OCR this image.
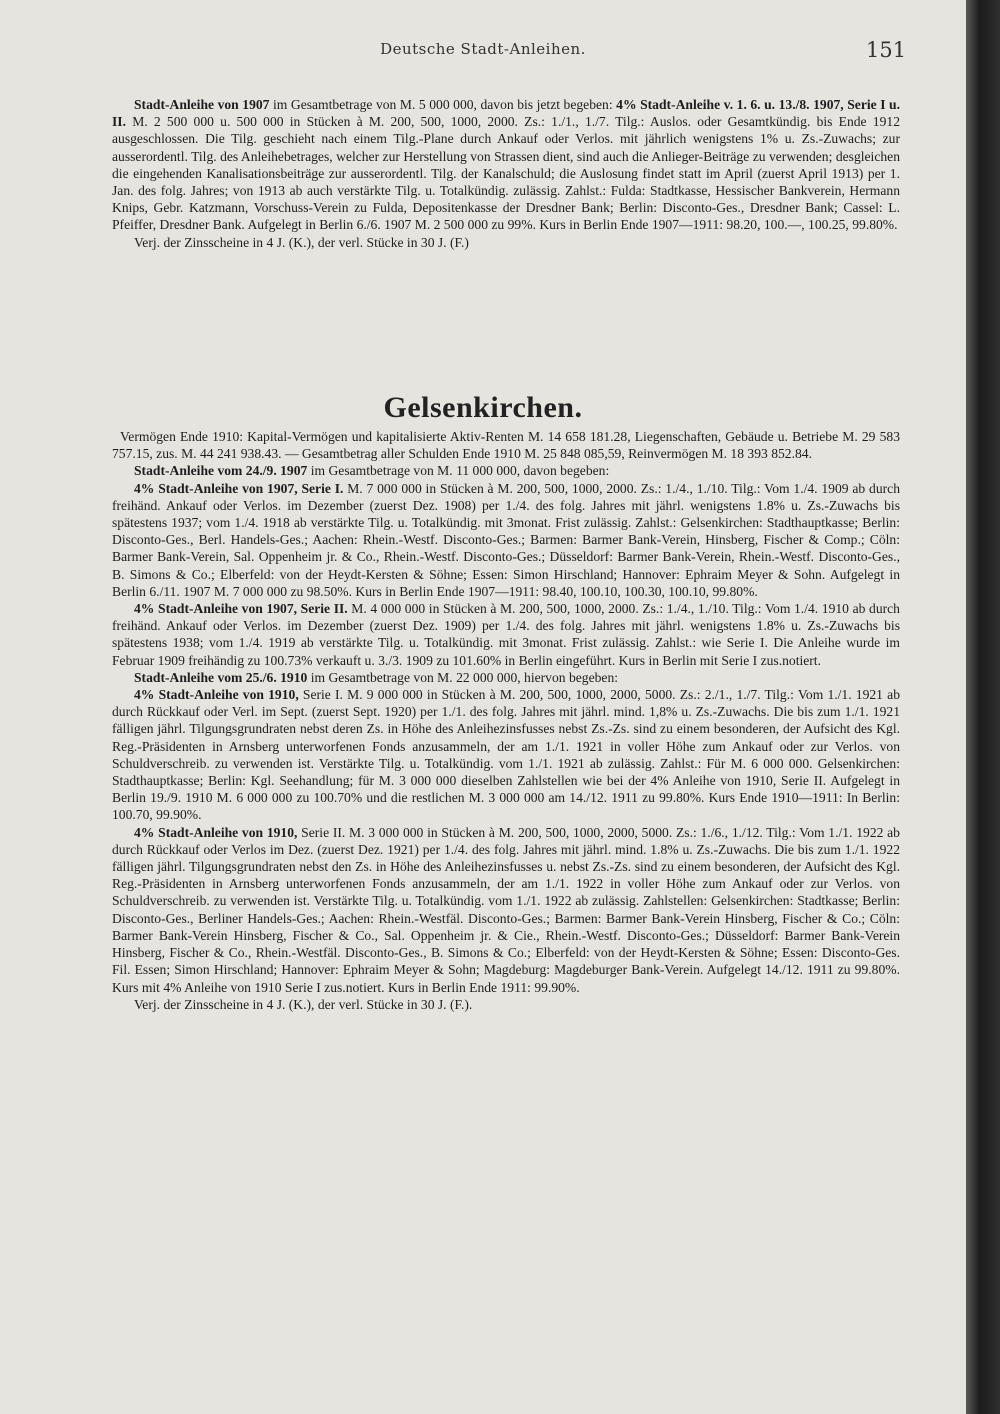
Deutsche Stadt-Anleihen.	151

Stadt-Anleihe von 1907 im Gesamtbetrage von M. 5 000 000, davon bis jetzt begeben: 4% Stadt-Anleihe v. 1. 6. u. 13./8. 1907, Serie I u. II. M. 2 500 000 u. 500 000 in Stücken à M. 200, 500, 1000, 2000. Zs.: 1./1., 1./7. Tilg.: Auslos. oder Gesamtkündig. bis Ende 1912 ausgeschlossen. Die Tilg. geschieht nach einem Tilg.-Plane durch Ankauf oder Verlos. mit jährlich wenigstens 1% u. Zs.-Zuwachs; zur ausserordentl. Tilg. des Anleihebetrages, welcher zur Herstellung von Strassen dient, sind auch die Anlieger-Beiträge zu verwenden; desgleichen die eingehenden Kanalisationsbeiträge zur ausserordentl. Tilg. der Kanalschuld; die Auslosung findet statt im April (zuerst April 1913) per 1. Jan. des folg. Jahres; von 1913 ab auch verstärkte Tilg. u. Totalkündig. zulässig. Zahlst.: Fulda: Stadtkasse, Hessischer Bankverein, Hermann Knips, Gebr. Katzmann, Vorschuss-Verein zu Fulda, Depositenkasse der Dresdner Bank; Berlin: Disconto-Ges., Dresdner Bank; Cassel: L. Pfeiffer, Dresdner Bank. Aufgelegt in Berlin 6./6. 1907 M. 2 500 000 zu 99%. Kurs in Berlin Ende 1907—1911: 98.20, 100.—, 100.25, 99.80%.

Verj. der Zinsscheine in 4 J. (K.), der verl. Stücke in 30 J. (F.)

Gelsenkirchen.

Vermögen Ende 1910: Kapital-Vermögen und kapitalisierte Aktiv-Renten M. 14 658 181.28, Liegenschaften, Gebäude u. Betriebe M. 29 583 757.15, zus. M. 44 241 938.43. — Gesamtbetrag aller Schulden Ende 1910 M. 25 848 085,59, Reinvermögen M. 18 393 852.84.

Stadt-Anleihe vom 24./9. 1907 im Gesamtbetrage von M. 11 000 000, davon begeben:

4% Stadt-Anleihe von 1907, Serie I. M. 7 000 000 in Stücken à M. 200, 500, 1000, 2000. Zs.: 1./4., 1./10. Tilg.: Vom 1./4. 1909 ab durch freihänd. Ankauf oder Verlos. im Dezember (zuerst Dez. 1908) per 1./4. des folg. Jahres mit jährl. wenigstens 1.8% u. Zs.-Zuwachs bis spätestens 1937; vom 1./4. 1918 ab verstärkte Tilg. u. Totalkündig. mit 3monat. Frist zulässig. Zahlst.: Gelsenkirchen: Stadthauptkasse; Berlin: Disconto-Ges., Berl. Handels-Ges.; Aachen: Rhein.-Westf. Disconto-Ges.; Barmen: Barmer Bank-Verein, Hinsberg, Fischer & Comp.; Cöln: Barmer Bank-Verein, Sal. Oppenheim jr. & Co., Rhein.-Westf. Disconto-Ges.; Düsseldorf: Barmer Bank-Verein, Rhein.-Westf. Disconto-Ges., B. Simons & Co.; Elberfeld: von der Heydt-Kersten & Söhne; Essen: Simon Hirschland; Hannover: Ephraim Meyer & Sohn. Aufgelegt in Berlin 6./11. 1907 M. 7 000 000 zu 98.50%. Kurs in Berlin Ende 1907—1911: 98.40, 100.10, 100.30, 100.10, 99.80%.

4% Stadt-Anleihe von 1907, Serie II. M. 4 000 000 in Stücken à M. 200, 500, 1000, 2000. Zs.: 1./4., 1./10. Tilg.: Vom 1./4. 1910 ab durch freihänd. Ankauf oder Verlos. im Dezember (zuerst Dez. 1909) per 1./4. des folg. Jahres mit jährl. wenigstens 1.8% u. Zs.-Zuwachs bis spätestens 1938; vom 1./4. 1919 ab verstärkte Tilg. u. Totalkündig. mit 3monat. Frist zulässig. Zahlst.: wie Serie I. Die Anleihe wurde im Februar 1909 freihändig zu 100.73% verkauft u. 3./3. 1909 zu 101.60% in Berlin eingeführt. Kurs in Berlin mit Serie I zus.notiert.

Stadt-Anleihe vom 25./6. 1910 im Gesamtbetrage von M. 22 000 000, hiervon begeben:

4% Stadt-Anleihe von 1910, Serie I. M. 9 000 000 in Stücken à M. 200, 500, 1000, 2000, 5000. Zs.: 2./1., 1./7. Tilg.: Vom 1./1. 1921 ab durch Rückkauf oder Verl. im Sept. (zuerst Sept. 1920) per 1./1. des folg. Jahres mit jährl. mind. 1,8% u. Zs.-Zuwachs. Die bis zum 1./1. 1921 fälligen jährl. Tilgungsgrundraten nebst deren Zs. in Höhe des Anleihezinsfusses nebst Zs.-Zs. sind zu einem besonderen, der Aufsicht des Kgl. Reg.-Präsidenten in Arnsberg unterworfenen Fonds anzusammeln, der am 1./1. 1921 in voller Höhe zum Ankauf oder zur Verlos. von Schuldverschreib. zu verwenden ist. Verstärkte Tilg. u. Totalkündig. vom 1./1. 1921 ab zulässig. Zahlst.: Für M. 6 000 000. Gelsenkirchen: Stadthauptkasse; Berlin: Kgl. Seehandlung; für M. 3 000 000 dieselben Zahlstellen wie bei der 4% Anleihe von 1910, Serie II. Aufgelegt in Berlin 19./9. 1910 M. 6 000 000 zu 100.70% und die restlichen M. 3 000 000 am 14./12. 1911 zu 99.80%. Kurs Ende 1910—1911: In Berlin: 100.70, 99.90%.

4% Stadt-Anleihe von 1910, Serie II. M. 3 000 000 in Stücken à M. 200, 500, 1000, 2000, 5000. Zs.: 1./6., 1./12. Tilg.: Vom 1./1. 1922 ab durch Rückkauf oder Verlos im Dez. (zuerst Dez. 1921) per 1./4. des folg. Jahres mit jährl. mind. 1.8% u. Zs.-Zuwachs. Die bis zum 1./1. 1922 fälligen jährl. Tilgungsgrundraten nebst den Zs. in Höhe des Anleihezinsfusses u. nebst Zs.-Zs. sind zu einem besonderen, der Aufsicht des Kgl. Reg.-Präsidenten in Arnsberg unterworfenen Fonds anzusammeln, der am 1./1. 1922 in voller Höhe zum Ankauf oder zur Verlos. von Schuldverschreib. zu verwenden ist. Verstärkte Tilg. u. Totalkündig. vom 1./1. 1922 ab zulässig. Zahlstellen: Gelsenkirchen: Stadtkasse; Berlin: Disconto-Ges., Berliner Handels-Ges.; Aachen: Rhein.-Westfäl. Disconto-Ges.; Barmen: Barmer Bank-Verein Hinsberg, Fischer & Co.; Cöln: Barmer Bank-Verein Hinsberg, Fischer & Co., Sal. Oppenheim jr. & Cie., Rhein.-Westf. Disconto-Ges.; Düsseldorf: Barmer Bank-Verein Hinsberg, Fischer & Co., Rhein.-Westfäl. Disconto-Ges., B. Simons & Co.; Elberfeld: von der Heydt-Kersten & Söhne; Essen: Disconto-Ges. Fil. Essen; Simon Hirschland; Hannover: Ephraim Meyer & Sohn; Magdeburg: Magdeburger Bank-Verein. Aufgelegt 14./12. 1911 zu 99.80%. Kurs mit 4% Anleihe von 1910 Serie I zus.notiert. Kurs in Berlin Ende 1911: 99.90%.

Verj. der Zinsscheine in 4 J. (K.), der verl. Stücke in 30 J. (F.).
